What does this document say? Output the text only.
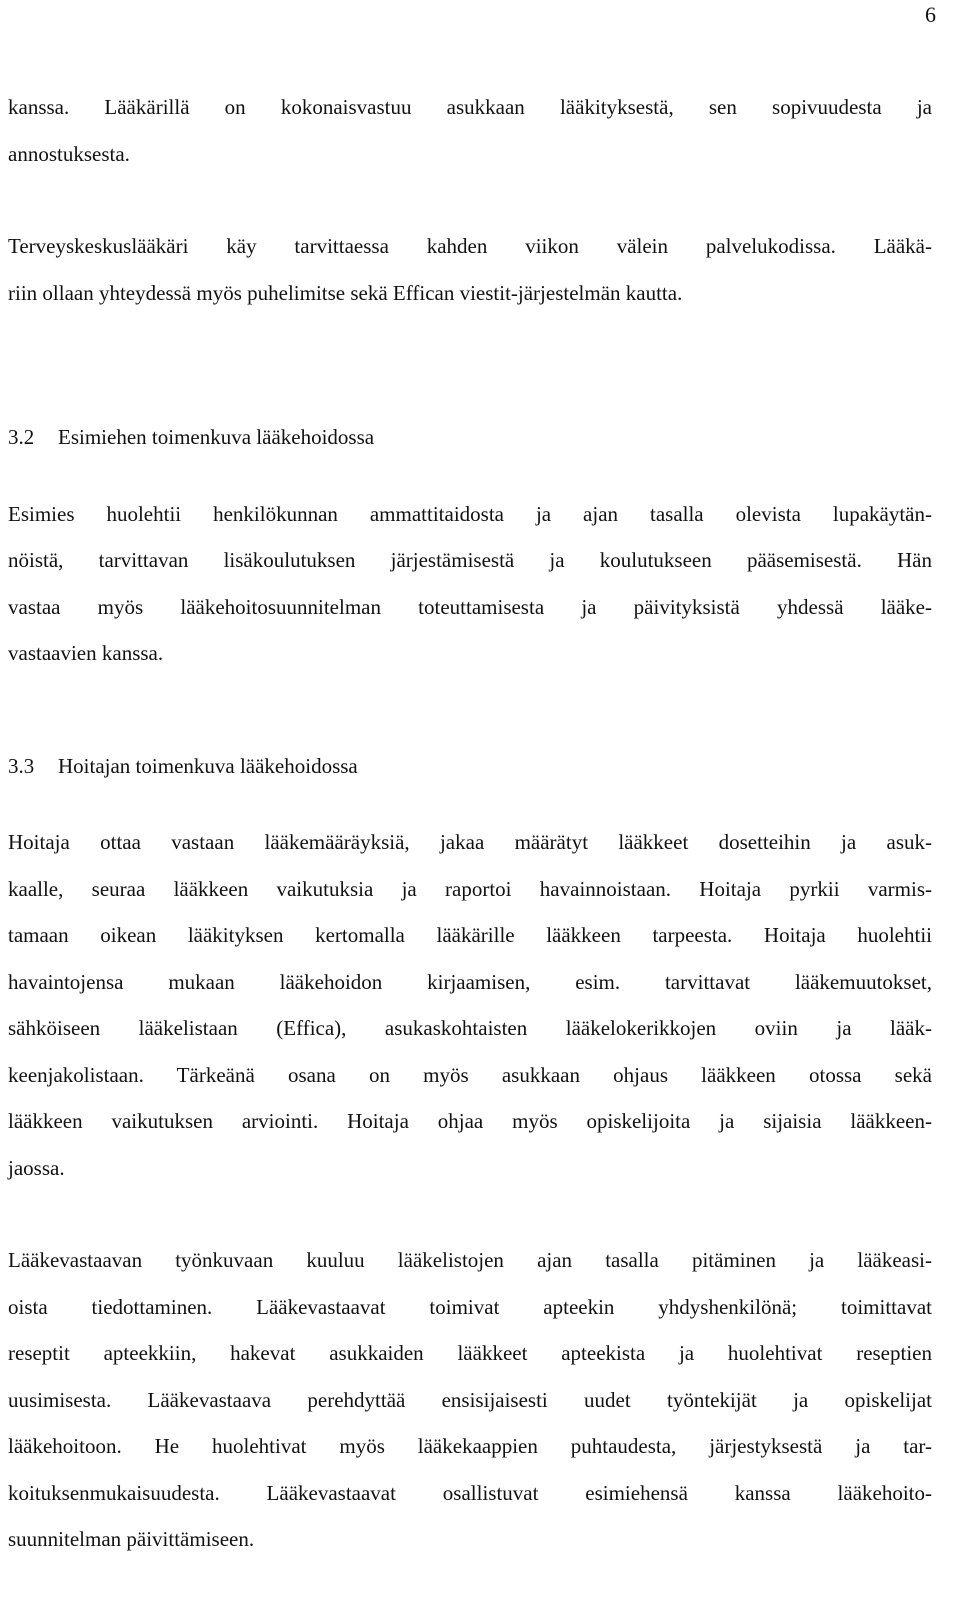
6
kanssa. Lääkärillä on kokonaisvastuu asukkaan lääkityksestä, sen sopivuudesta ja
annostuksesta.
Terveyskeskuslääkäri käy tarvittaessa kahden viikon välein palvelukodissa. Lääkä-
riin ollaan yhteydessä myös puhelimitse sekä Effican viestit-järjestelmän kautta.
3.2 Esimiehen toimenkuva lääkehoidossa
Esimies huolehtii henkilökunnan ammattitaidosta ja ajan tasalla olevista lupakäytän-
nöistä, tarvittavan lisäkoulutuksen järjestämisestä ja koulutukseen pääsemisestä. Hän
vastaa myös lääkehoitosuunnitelman toteuttamisesta ja päivityksistä yhdessä lääke-
vastaavien kanssa.
3.3 Hoitajan toimenkuva lääkehoidossa
Hoitaja ottaa vastaan lääkemääräyksiä, jakaa määrätyt lääkkeet dosetteihin ja asuk-
kaalle, seuraa lääkkeen vaikutuksia ja raportoi havainnoistaan. Hoitaja pyrkii varmis-
tamaan oikean lääkityksen kertomalla lääkärille lääkkeen tarpeesta. Hoitaja huolehtii
havaintojensa mukaan lääkehoidon kirjaamisen, esim. tarvittavat lääkemuutokset,
sähköiseen lääkelistaan (Effica), asukaskohtaisten lääkelokerikkojen oviin ja lääk-
keenjakolistaan. Tärkeänä osana on myös asukkaan ohjaus lääkkeen otossa sekä
lääkkeen vaikutuksen arviointi. Hoitaja ohjaa myös opiskelijoita ja sijaisia lääkkeen-
jaossa.
Lääkevastaavan työnkuvaan kuuluu lääkelistojen ajan tasalla pitäminen ja lääkeasi-
oista tiedottaminen. Lääkevastaavat toimivat apteekin yhdyshenkilönä; toimittavat
reseptit apteekkiin, hakevat asukkaiden lääkkeet apteekista ja huolehtivat reseptien
uusimisesta. Lääkevastaava perehdyttää ensisijaisesti uudet työntekijät ja opiskelijat
lääkehoitoon. He huolehtivat myös lääkekaappien puhtaudesta, järjestyksestä ja tar-
koituksenmukaisuudesta. Lääkevastaavat osallistuvat esimiehensä kanssa lääkehoito-
suunnitelman päivittämiseen.
